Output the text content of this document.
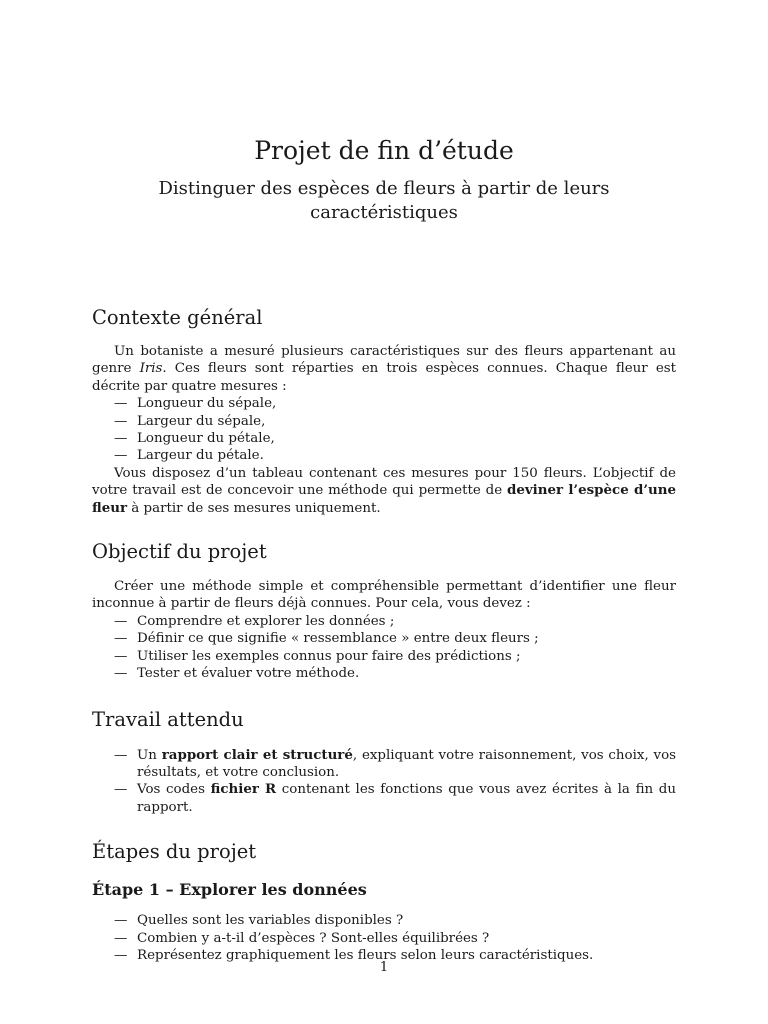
Projet de fin d’étude

Distinguer des espèces de fleurs à partir de leurs caractéristiques

Contexte général

Un botaniste a mesuré plusieurs caractéristiques sur des fleurs appartenant au genre Iris. Ces fleurs sont réparties en trois espèces connues. Chaque fleur est décrite par quatre mesures :

— Longueur du sépale,
— Largeur du sépale,
— Longueur du pétale,
— Largeur du pétale.

Vous disposez d’un tableau contenant ces mesures pour 150 fleurs. L’objectif de votre travail est de concevoir une méthode qui permette de deviner l’espèce d’une fleur à partir de ses mesures uniquement.

Objectif du projet

Créer une méthode simple et compréhensible permettant d’identifier une fleur inconnue à partir de fleurs déjà connues. Pour cela, vous devez :

— Comprendre et explorer les données ;
— Définir ce que signifie « ressemblance » entre deux fleurs ;
— Utiliser les exemples connus pour faire des prédictions ;
— Tester et évaluer votre méthode.
Travail attendu
— Un rapport clair et structuré, expliquant votre raisonnement, vos choix, vos résultats, et votre conclusion.
— Vos codes fichier R contenant les fonctions que vous avez écrites à la fin du rapport.
Étapes du projet
Étape 1 – Explorer les données
— Quelles sont les variables disponibles ?
— Combien y a-t-il d’espèces ? Sont-elles équilibrées ?
— Représentez graphiquement les fleurs selon leurs caractéristiques.
1
